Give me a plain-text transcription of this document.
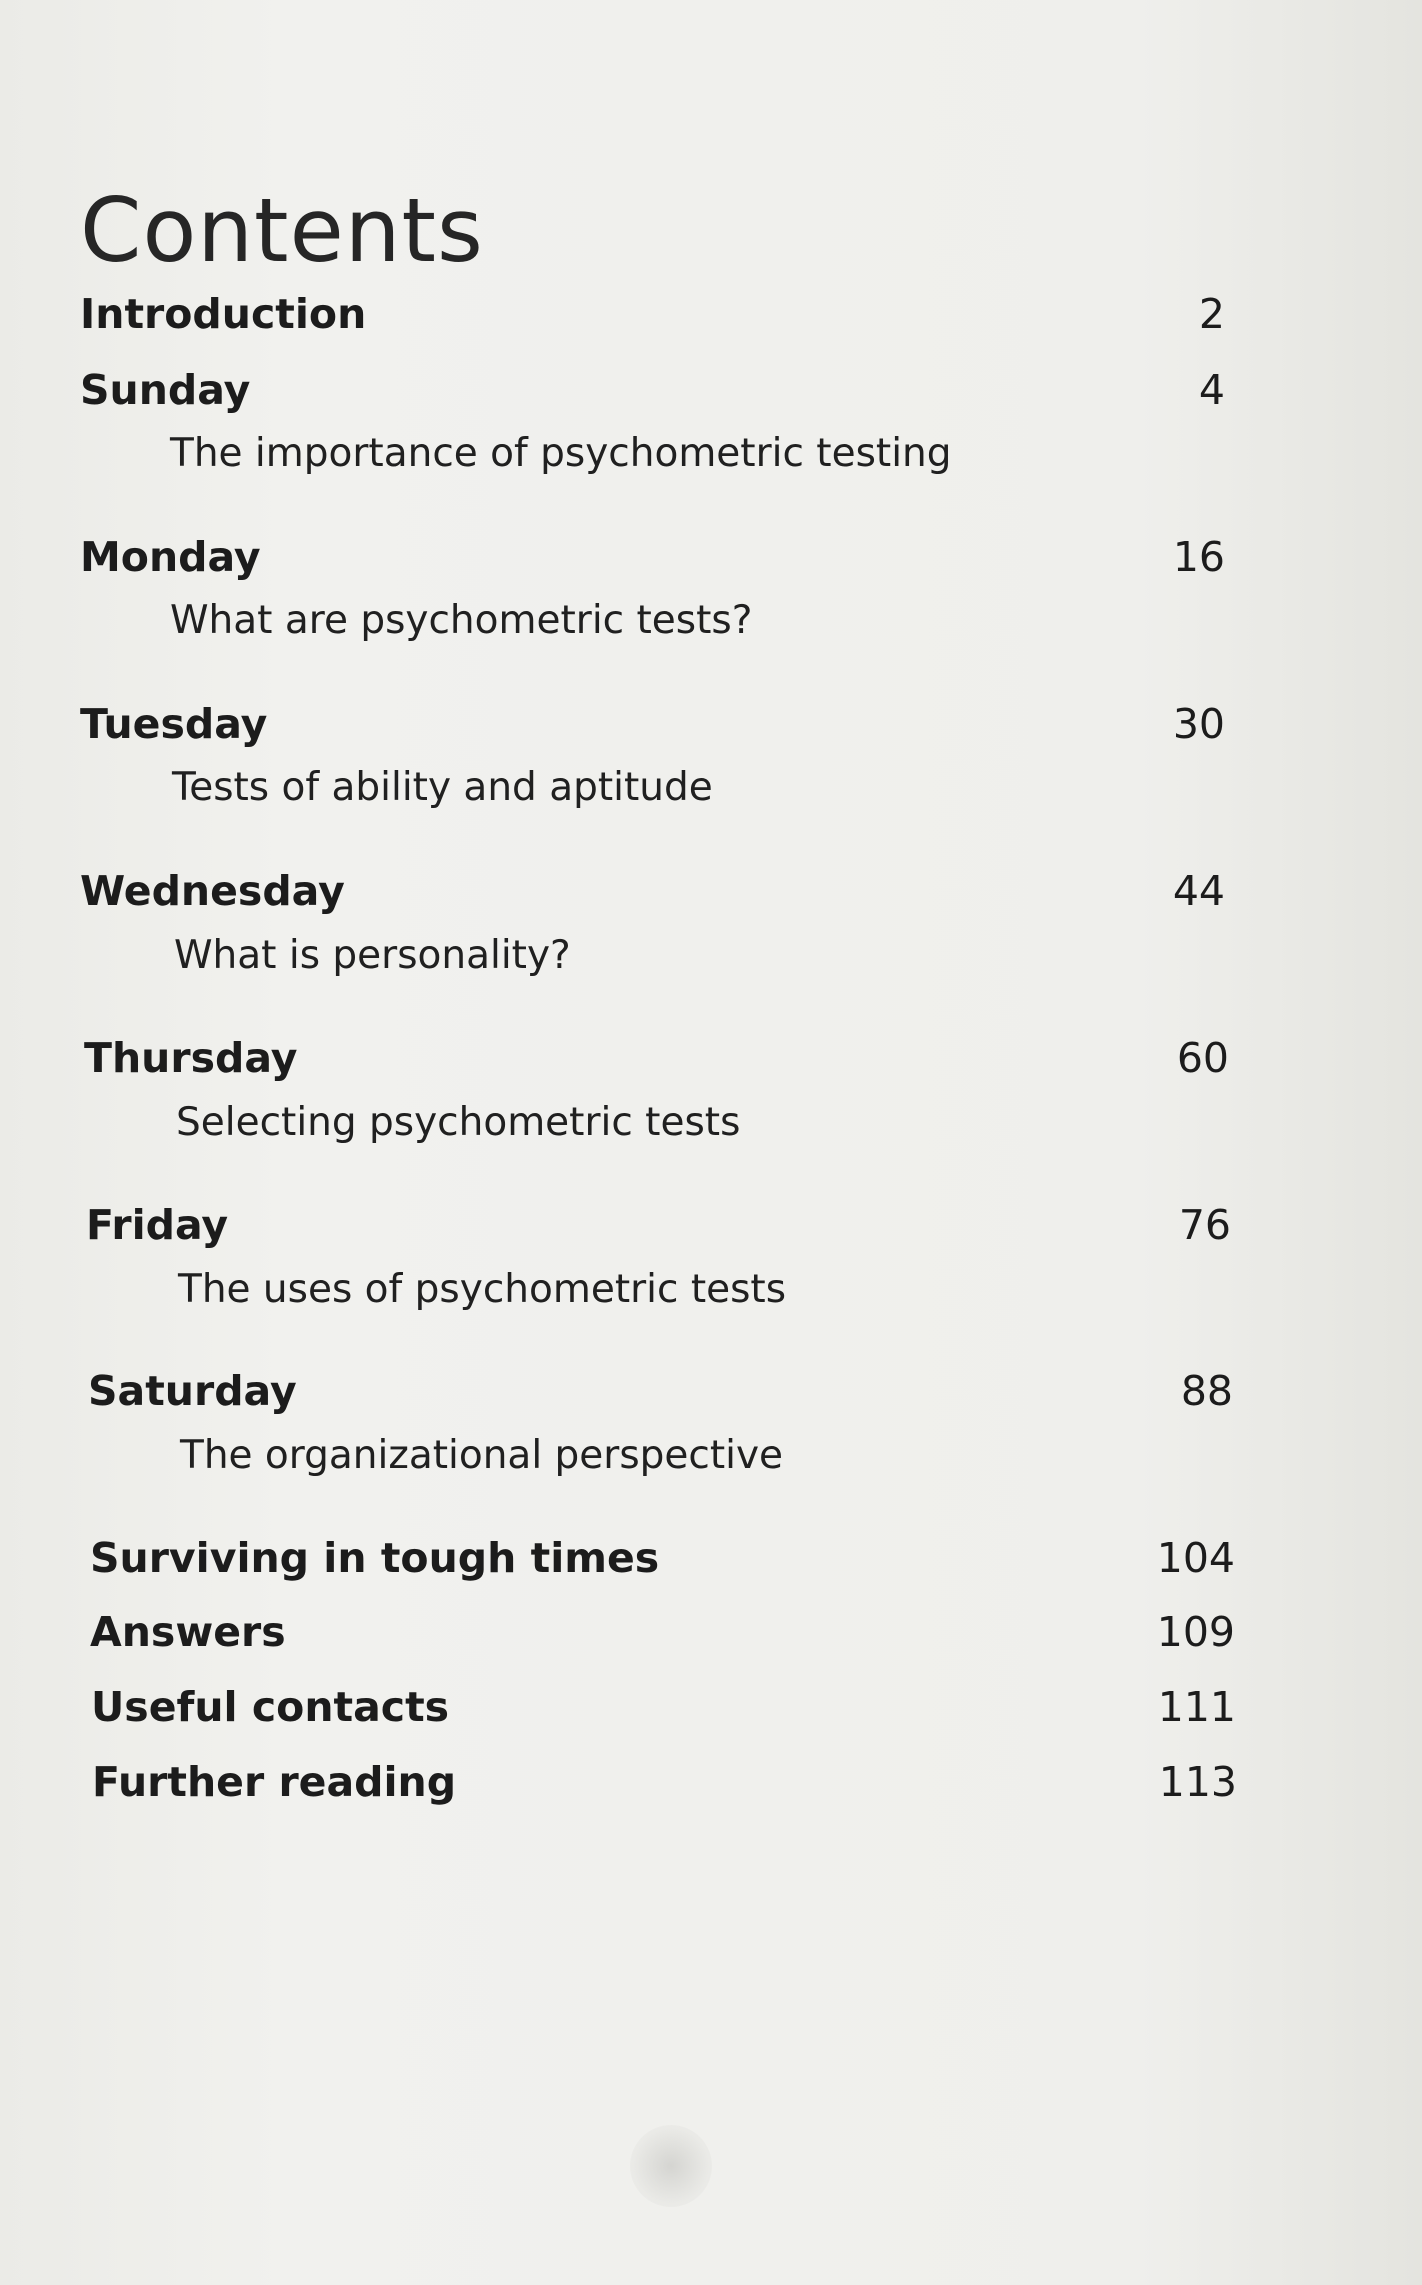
Contents
Introduction	2
Sunday	4
The importance of psychometric testing
Monday	16
What are psychometric tests?
Tuesday	30
Tests of ability and aptitude
Wednesday	44
What is personality?
Thursday	60
Selecting psychometric tests
Friday	76
The uses of psychometric tests
Saturday	88
The organizational perspective
Surviving in tough times	104
Answers	109
Useful contacts	111
Further reading	113
